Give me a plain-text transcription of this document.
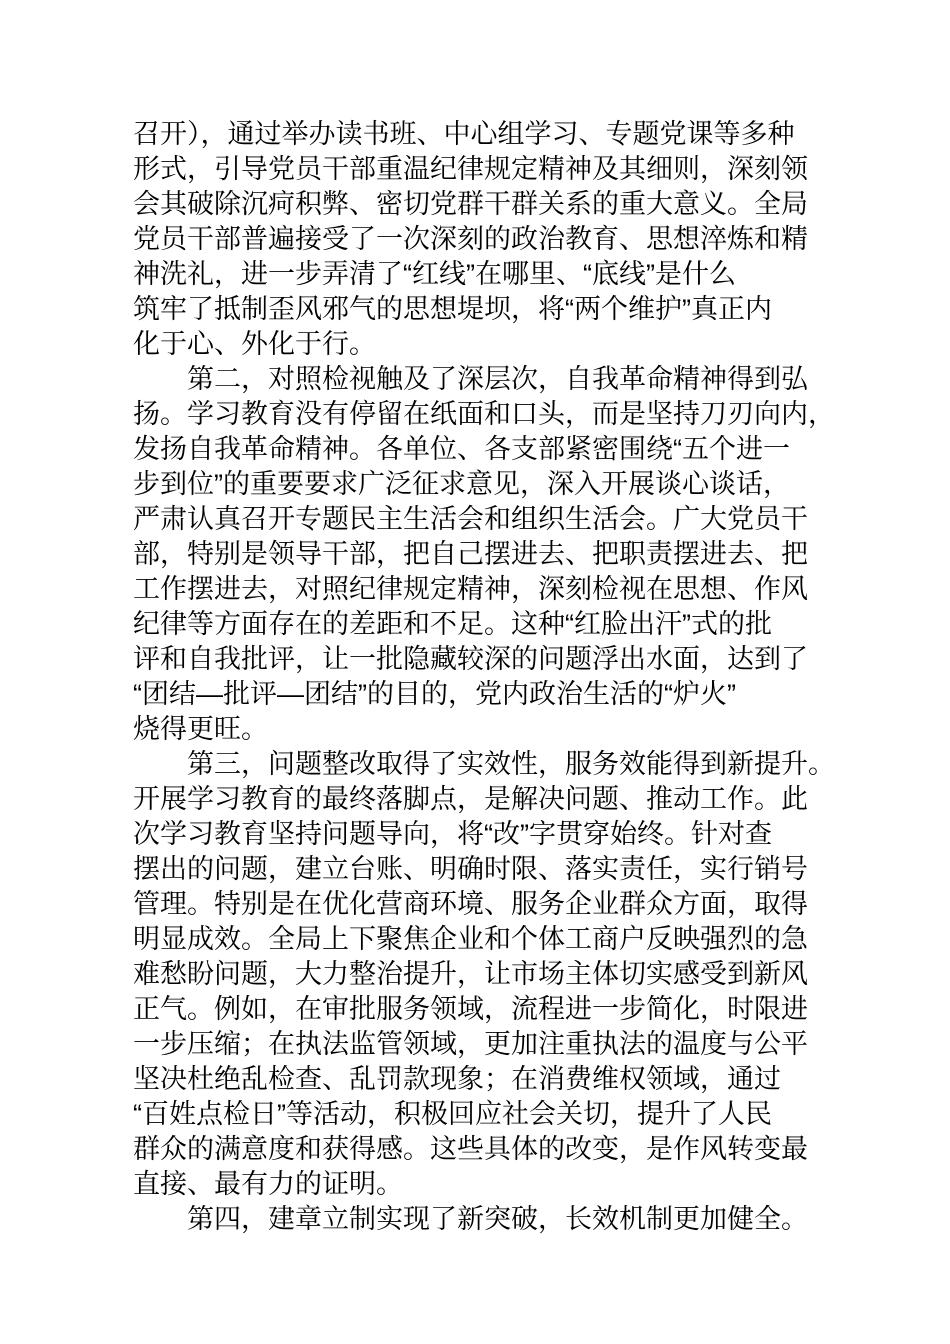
召开），通过举办读书班、中心组学习、专题党课等多种
形式，引导党员干部重温纪律规定精神及其细则，深刻领
会其破除沉疴积弊、密切党群干群关系的重大意义。全局
党员干部普遍接受了一次深刻的政治教育、思想淬炼和精
神洗礼，进一步弄清了“红线”在哪里、“底线”是什么
筑牢了抵制歪风邪气的思想堤坝，将“两个维护”真正内
化于心、外化于行。
第二，对照检视触及了深层次，自我革命精神得到弘
扬。学习教育没有停留在纸面和口头，而是坚持刀刃向内，
发扬自我革命精神。各单位、各支部紧密围绕“五个进一
步到位”的重要要求广泛征求意见，深入开展谈心谈话，
严肃认真召开专题民主生活会和组织生活会。广大党员干
部，特别是领导干部，把自己摆进去、把职责摆进去、把
工作摆进去，对照纪律规定精神，深刻检视在思想、作风
纪律等方面存在的差距和不足。这种“红脸出汗”式的批
评和自我批评，让一批隐藏较深的问题浮出水面，达到了
“团结—批评—团结”的目的，党内政治生活的“炉火”
烧得更旺。
第三，问题整改取得了实效性，服务效能得到新提升。
开展学习教育的最终落脚点，是解决问题、推动工作。此
次学习教育坚持问题导向，将“改”字贯穿始终。针对查
摆出的问题，建立台账、明确时限、落实责任，实行销号
管理。特别是在优化营商环境、服务企业群众方面，取得
明显成效。全局上下聚焦企业和个体工商户反映强烈的急
难愁盼问题，大力整治提升，让市场主体切实感受到新风
正气。例如，在审批服务领域，流程进一步简化，时限进
一步压缩；在执法监管领域，更加注重执法的温度与公平
坚决杜绝乱检查、乱罚款现象；在消费维权领域，通过
“百姓点检日”等活动，积极回应社会关切，提升了人民
群众的满意度和获得感。这些具体的改变，是作风转变最
直接、最有力的证明。
第四，建章立制实现了新突破，长效机制更加健全。
